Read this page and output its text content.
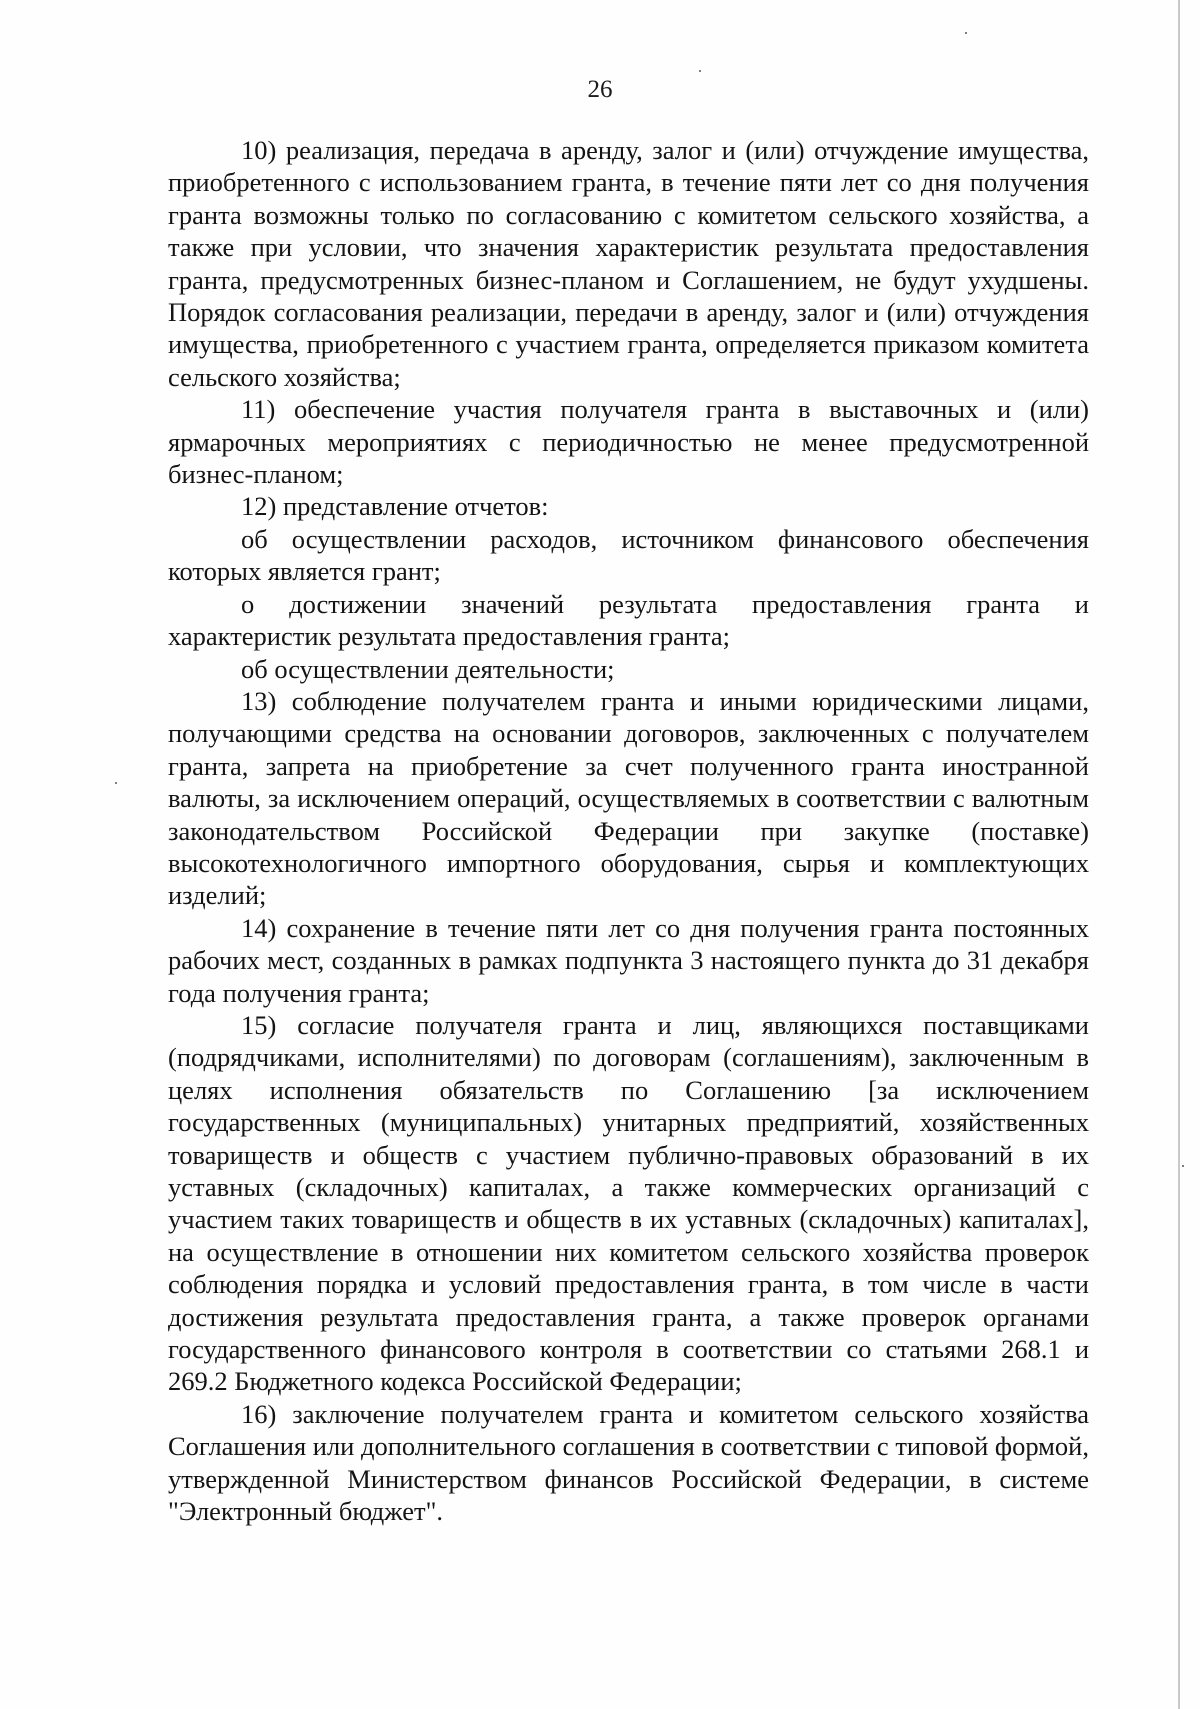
26

10) реализация, передача в аренду, залог и (или) отчуждение имущества, приобретенного с использованием гранта, в течение пяти лет со дня получения гранта возможны только по согласованию с комитетом сельского хозяйства, а также при условии, что значения характеристик результата предоставления гранта, предусмотренных бизнес-планом и Соглашением, не будут ухудшены. Порядок согласования реализации, передачи в аренду, залог и (или) отчуждения имущества, приобретенного с участием гранта, определяется приказом комитета сельского хозяйства;

11) обеспечение участия получателя гранта в выставочных и (или) ярмарочных мероприятиях с периодичностью не менее предусмотренной бизнес-планом;

12) представление отчетов:

об осуществлении расходов, источником финансового обеспечения которых является грант;

о достижении значений результата предоставления гранта и характеристик результата предоставления гранта;

об осуществлении деятельности;

13) соблюдение получателем гранта и иными юридическими лицами, получающими средства на основании договоров, заключенных с получателем гранта, запрета на приобретение за счет полученного гранта иностранной валюты, за исключением операций, осуществляемых в соответствии с валютным законодательством Российской Федерации при закупке (поставке) высокотехнологичного импортного оборудования, сырья и комплектующих изделий;

14) сохранение в течение пяти лет со дня получения гранта постоянных рабочих мест, созданных в рамках подпункта 3 настоящего пункта до 31 декабря года получения гранта;

15) согласие получателя гранта и лиц, являющихся поставщиками (подрядчиками, исполнителями) по договорам (соглашениям), заключенным в целях исполнения обязательств по Соглашению [за исключением государственных (муниципальных) унитарных предприятий, хозяйственных товариществ и обществ с участием публично-правовых образований в их уставных (складочных) капиталах, а также коммерческих организаций с участием таких товариществ и обществ в их уставных (складочных) капиталах], на осуществление в отношении них комитетом сельского хозяйства проверок соблюдения порядка и условий предоставления гранта, в том числе в части достижения результата предоставления гранта, а также проверок органами государственного финансового контроля в соответствии со статьями 268.1 и 269.2 Бюджетного кодекса Российской Федерации;

16) заключение получателем гранта и комитетом сельского хозяйства Соглашения или дополнительного соглашения в соответствии с типовой формой, утвержденной Министерством финансов Российской Федерации, в системе "Электронный бюджет".
